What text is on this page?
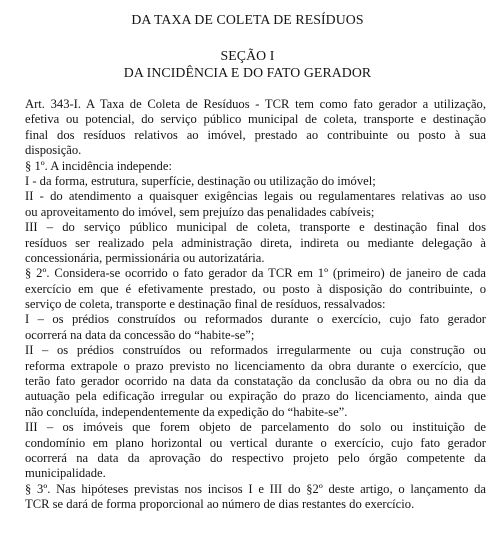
DA TAXA DE COLETA DE RESÍDUOS
SEÇÃO I
DA INCIDÊNCIA E DO FATO GERADOR
Art. 343-I. A Taxa de Coleta de Resíduos - TCR tem como fato gerador a utilização,
efetiva ou potencial, do serviço público municipal de coleta, transporte e destinação
final dos resíduos relativos ao imóvel, prestado ao contribuinte ou posto à sua
disposição.
§ 1º. A incidência independe:
I - da forma, estrutura, superfície, destinação ou utilização do imóvel;
II - do atendimento a quaisquer exigências legais ou regulamentares relativas ao uso
ou aproveitamento do imóvel, sem prejuízo das penalidades cabíveis;
III – do serviço público municipal de coleta, transporte e destinação final dos
resíduos ser realizado pela administração direta, indireta ou mediante delegação à
concessionária, permissionária ou autorizatária.
§ 2º. Considera-se ocorrido o fato gerador da TCR em 1º (primeiro) de janeiro de cada
exercício em que é efetivamente prestado, ou posto à disposição do contribuinte, o
serviço de coleta, transporte e destinação final de resíduos, ressalvados:
I – os prédios construídos ou reformados durante o exercício, cujo fato gerador
ocorrerá na data da concessão do “habite-se”;
II – os prédios construídos ou reformados irregularmente ou cuja construção ou
reforma extrapole o prazo previsto no licenciamento da obra durante o exercício, que
terão fato gerador ocorrido na data da constatação da conclusão da obra ou no dia da
autuação pela edificação irregular ou expiração do prazo do licenciamento, ainda que
não concluída, independentemente da expedição do “habite-se”.
III – os imóveis que forem objeto de parcelamento do solo ou instituição de
condomínio em plano horizontal ou vertical durante o exercício, cujo fato gerador
ocorrerá na data da aprovação do respectivo projeto pelo órgão competente da
municipalidade.
§ 3º. Nas hipóteses previstas nos incisos I e III do §2º deste artigo, o lançamento da
TCR se dará de forma proporcional ao número de dias restantes do exercício.
